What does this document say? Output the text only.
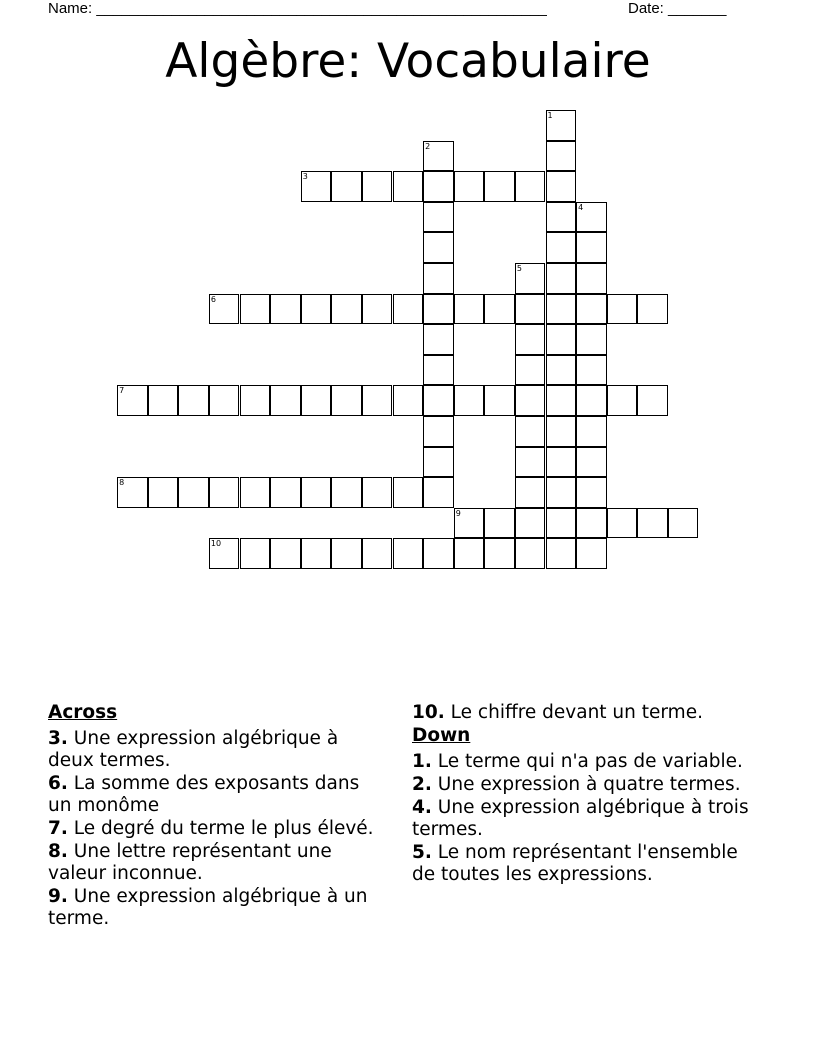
Name: ______________________________________________________	Date: _______
Algèbre: Vocabulaire
1
2
3
4
5
6
7
8
9
10
Across
3. Une expression algébrique à deux termes.
6. La somme des exposants dans un monôme
7. Le degré du terme le plus élevé.
8. Une lettre représentant une valeur inconnue.
9. Une expression algébrique à un terme.
10. Le chiffre devant un terme.
Down
1. Le terme qui n'a pas de variable.
2. Une expression à quatre termes.
4. Une expression algébrique à trois termes.
5. Le nom représentant l'ensemble de toutes les expressions.
